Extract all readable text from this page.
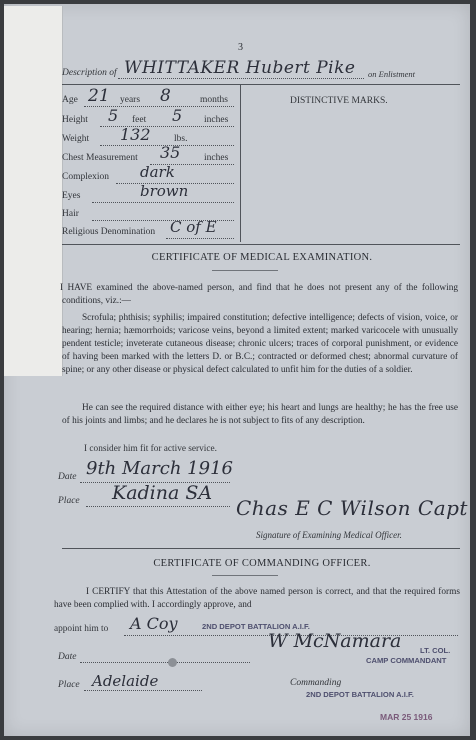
3
Description of WHITTAKER Hubert Pike on Enlistment
Age 21 years 8	months
Height 5 feet 5 inches
Weight 132 lbs.
Chest Measurement 35 inches
Complexion dark
Eyes	brown
Hair
Religious Denomination C of E
DISTINCTIVE MARKS.
CERTIFICATE OF MEDICAL EXAMINATION.
I HAVE examined the above-named person, and find that he does not present any of the following conditions, viz.:—
Scrofula; phthisis; syphilis; impaired constitution; defective intelligence; defects of vision, voice, or hearing; hernia; hæmorrhoids; varicose veins, beyond a limited extent; marked varicocele with unusually pendent testicle; inveterate cutaneous disease; chronic ulcers; traces of corporal punishment, or evidence of having been marked with the letters D. or B.C.; contracted or deformed chest; abnormal curvature of spine; or any other disease or physical defect calculated to unfit him for the duties of a soldier.
He can see the required distance with either eye; his heart and lungs are healthy; he has the free use of his joints and limbs; and he declares he is not subject to fits of any description.
I consider him fit for active service.
Date 9th March 1916
Place Kadina SA
Chas E C Wilson Capt
Signature of Examining Medical Officer.
CERTIFICATE OF COMMANDING OFFICER.
I CERTIFY that this Attestation of the above named person is correct, and that the required forms have been complied with. I accordingly approve, and
appoint him to A Coy	2ND DEPOT BATTALION A.I.F.
Date
W McNamara LT. COL.
CAMP COMMANDANT
Place Adelaide	Commanding
2ND DEPOT BATTALION A.I.F.
MAR 25 1916
